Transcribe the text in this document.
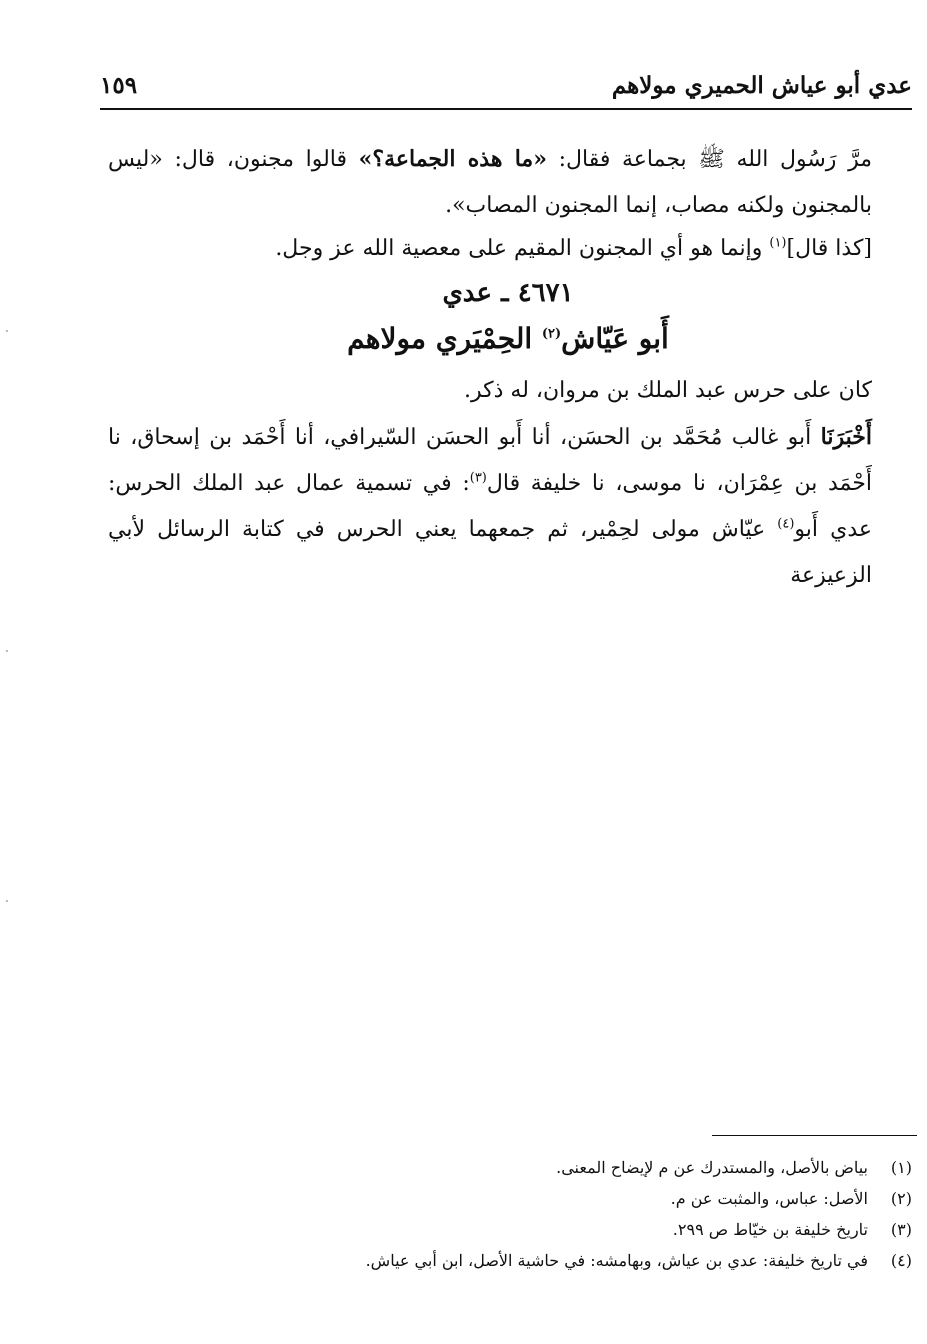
عدي أبو عياش الحميري مولاهم
١٥٩

مرَّ رَسُول الله ﷺ بجماعة فقال: «ما هذه الجماعة؟» قالوا مجنون، قال: «ليس بالمجنون ولكنه مصاب، إنما المجنون المصاب».

[كذا قال]$^{(١)}$ وإنما هو أي المجنون المقيم على معصية الله عز وجل.

٤٦٧١ ـ عدي
أَبو عَيّاش$^{(٢)}$ الحِمْيَري مولاهم

كان على حرس عبد الملك بن مروان، له ذكر.

أَخْبَرَنَا أَبو غالب مُحَمَّد بن الحسَن، أنا أَبو الحسَن السّيرافي، أنا أَحْمَد بن إسحاق، نا أَحْمَد بن عِمْرَان، نا موسى، نا خليفة قال$^{(٣)}$: في تسمية عمال عبد الملك الحرس: عدي أَبو$^{(٤)}$ عيّاش مولى لحِمْير، ثم جمعهما يعني الحرس في كتابة الرسائل لأبي الزعيزعة

(١)
بياض بالأصل، والمستدرك عن م لإيضاح المعنى.
(٢)
الأصل: عباس، والمثبت عن م.
(٣)
تاريخ خليفة بن خيّاط ص ٢٩٩.
(٤)
في تاريخ خليفة: عدي بن عياش، وبهامشه: في حاشية الأصل، ابن أبي عياش.
